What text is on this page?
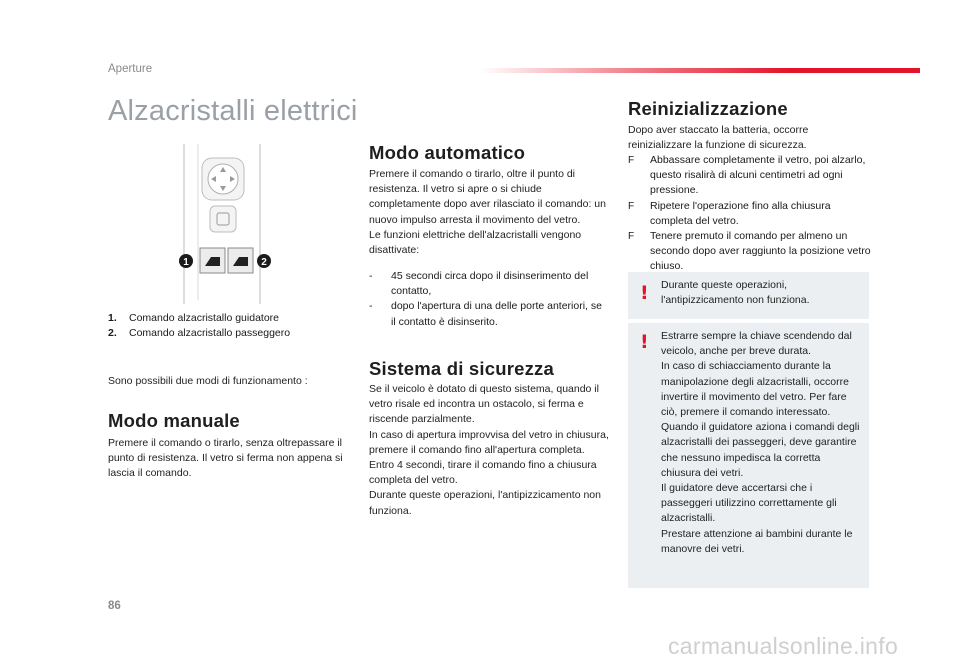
Aperture
Alzacristalli elettrici
1	2
1.	Comando alzacristallo guidatore
2.	Comando alzacristallo passeggero

Sono possibili due modi di funzionamento :

Modo manuale

Premere il comando o tirarlo, senza oltrepassare il punto di resistenza. Il vetro si ferma non appena si lascia il comando.

Modo automatico

Premere il comando o tirarlo, oltre il punto di resistenza. Il vetro si apre o si chiude completamente dopo aver rilasciato il comando: un nuovo impulso arresta il movimento del vetro.
Le funzioni elettriche dell'alzacristalli vengono disattivate:

-	45 secondi circa dopo il disinserimento del contatto,
-	dopo l'apertura di una delle porte anteriori, se il contatto è disinserito.
Sistema di sicurezza

Se il veicolo è dotato di questo sistema, quando il vetro risale ed incontra un ostacolo, si ferma e riscende parzialmente.
In caso di apertura improvvisa del vetro in chiusura, premere il comando fino all'apertura completa. Entro 4 secondi, tirare il comando fino a chiusura completa del vetro.
Durante queste operazioni, l'antipizzicamento non funziona.

Reinizializzazione

Dopo aver staccato la batteria, occorre reinizializzare la funzione di sicurezza.

F	Abbassare completamente il vetro, poi alzarlo, questo risalirà di alcuni centimetri ad ogni pressione.
F	Ripetere l'operazione fino alla chiusura completa del vetro.
F	Tenere premuto il comando per almeno un secondo dopo aver raggiunto la posizione vetro chiuso.
! Durante queste operazioni, l'antipizzicamento non funziona.

! Estrarre sempre la chiave scendendo dal veicolo, anche per breve durata.
In caso di schiacciamento durante la manipolazione degli alzacristalli, occorre invertire il movimento del vetro. Per fare ciò, premere il comando interessato.
Quando il guidatore aziona i comandi degli alzacristalli dei passeggeri, deve garantire che nessuno impedisca la corretta chiusura dei vetri.
Il guidatore deve accertarsi che i passeggeri utilizzino correttamente gli alzacristalli.
Prestare attenzione ai bambini durante le manovre dei vetri.

86
carmanualsonline.info
